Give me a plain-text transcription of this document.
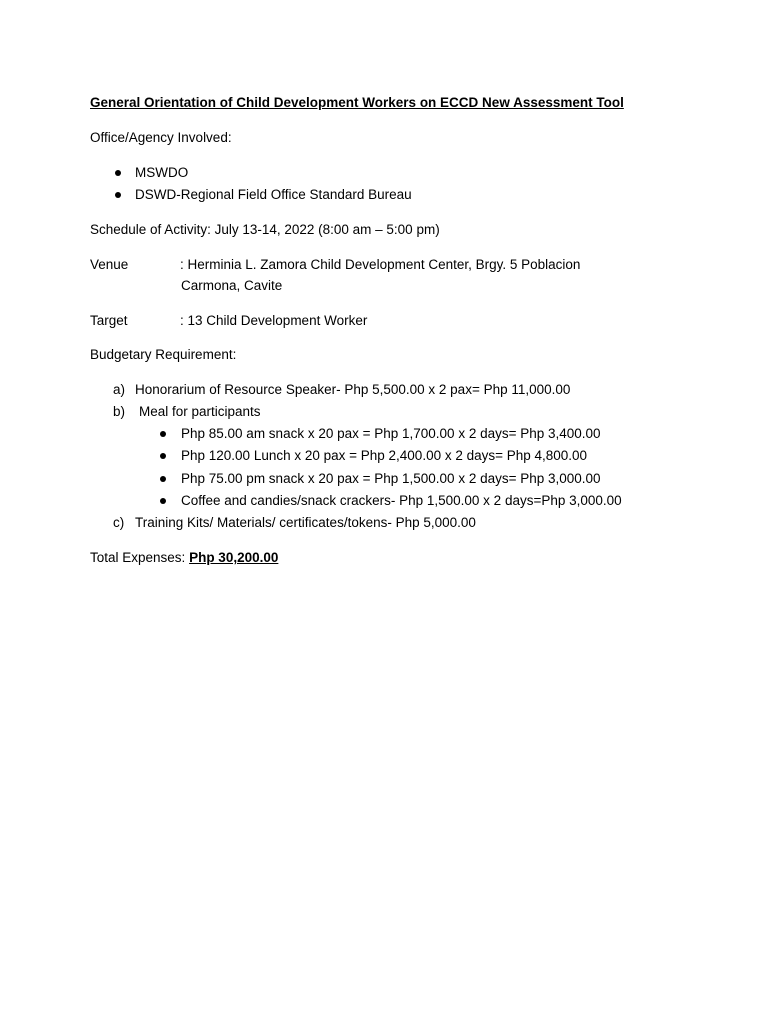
General Orientation of Child Development Workers on ECCD New Assessment Tool
Office/Agency Involved:
MSWDO
DSWD-Regional Field Office Standard Bureau
Schedule of Activity: July 13-14, 2022 (8:00 am – 5:00 pm)
Venue	: Herminia L. Zamora Child Development Center, Brgy. 5 Poblacion
Carmona, Cavite
Target	: 13 Child Development Worker
Budgetary Requirement:
a) Honorarium of Resource Speaker- Php 5,500.00 x 2 pax= Php 11,000.00
b) Meal for participants
Php 85.00 am snack x 20 pax = Php 1,700.00 x 2 days= Php 3,400.00
Php 120.00 Lunch x 20 pax = Php 2,400.00 x 2 days= Php 4,800.00
Php 75.00 pm snack x 20 pax = Php 1,500.00 x 2 days= Php 3,000.00
Coffee and candies/snack crackers- Php 1,500.00 x 2 days=Php 3,000.00
c) Training Kits/ Materials/ certificates/tokens- Php 5,000.00
Total Expenses: Php 30,200.00
